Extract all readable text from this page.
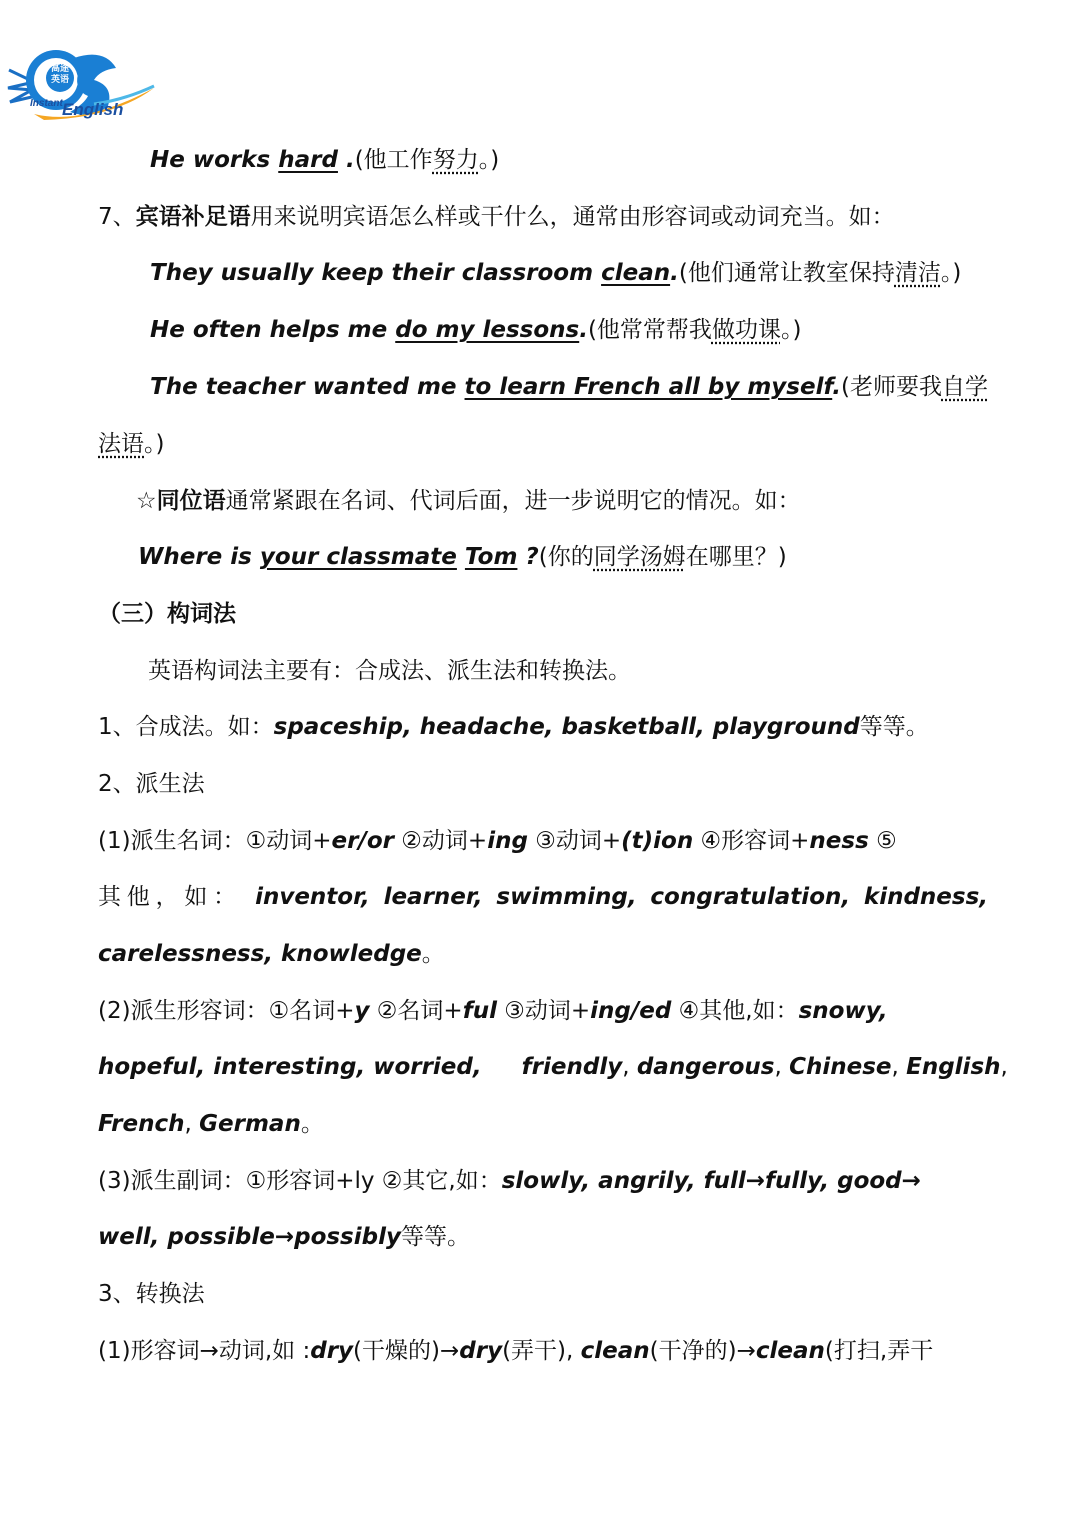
高途英语
Instant English
He works hard .(他工作努力。)
7、宾语补足语用来说明宾语怎么样或干什么，通常由形容词或动词充当。如：
They usually keep their classroom clean.(他们通常让教室保持清洁。)
He often helps me do my lessons.(他常常帮我做功课。)
The teacher wanted me to learn French all by myself.(老师要我自学
法语。)
☆同位语通常紧跟在名词、代词后面，进一步说明它的情况。如：
Where is your classmate Tom ?(你的同学汤姆在哪里？)
（三）构词法
英语构词法主要有：合成法、派生法和转换法。
1、合成法。如：spaceship, headache, basketball, playground等等。
2、派生法
(1)派生名词：①动词+er/or ②动词+ing ③动词+(t)ion ④形容词+ness ⑤
其他，如： inventor, learner, swimming, congratulation, kindness,
carelessness, knowledge。
(2)派生形容词：①名词+y ②名词+ful ③动词+ing/ed ④其他,如：snowy,
hopeful, interesting, worried,     friendly, dangerous, Chinese, English,
French, German。
(3)派生副词：①形容词+ly ②其它,如：slowly, angrily, full→fully, good→
well, possible→possibly等等。
3、转换法
(1)形容词→动词,如 :dry(干燥的)→dry(弄干), clean(干净的)→clean(打扫,弄干
